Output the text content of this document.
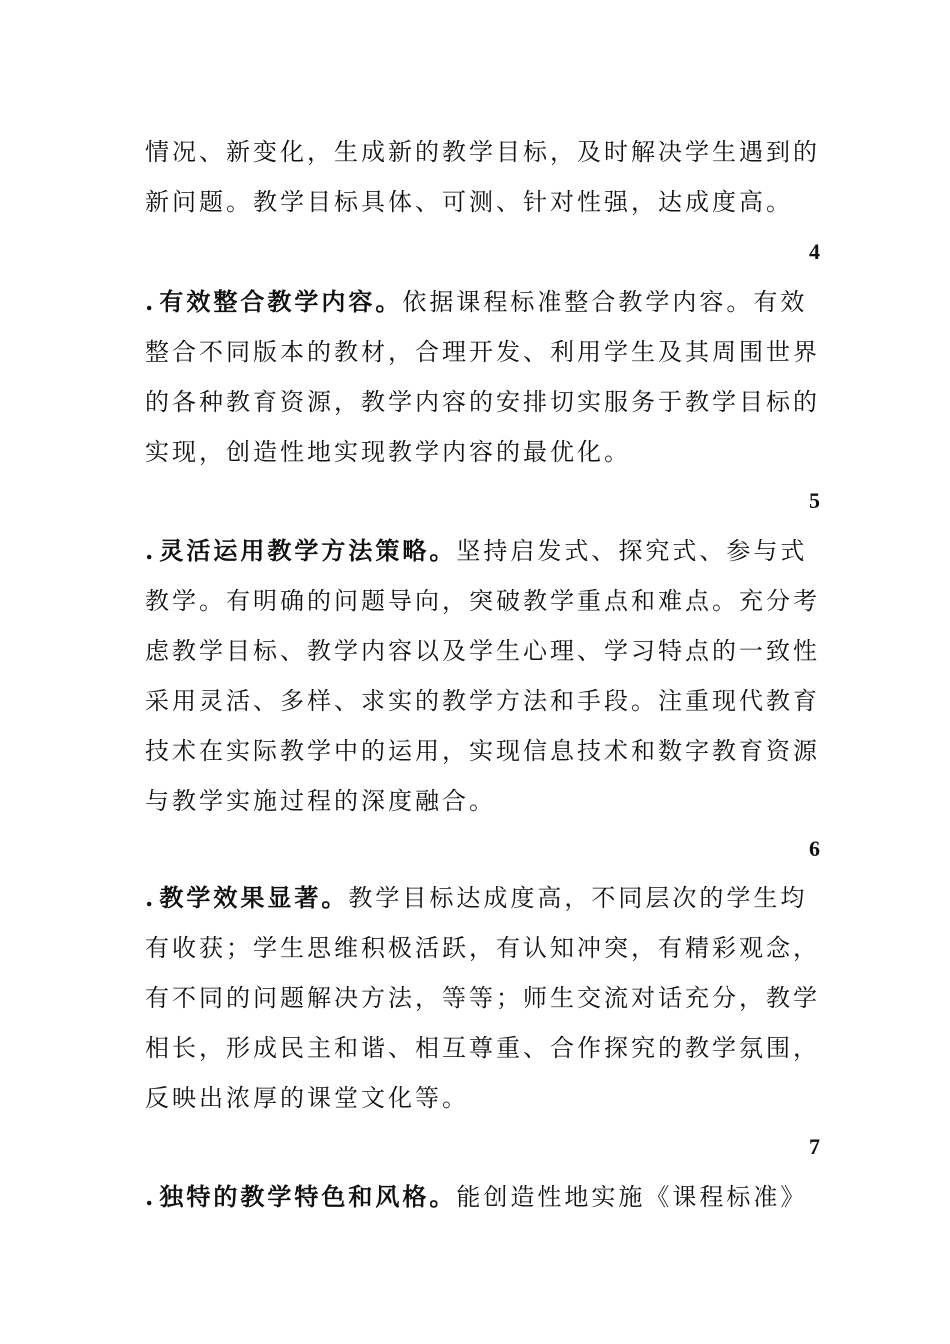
情况、新变化，生成新的教学目标，及时解决学生遇到的
新问题。教学目标具体、可测、针对性强，达成度高。
4
. 有效整合教学内容。依据课程标准整合教学内容。有效
整合不同版本的教材，合理开发、利用学生及其周围世界
的各种教育资源，教学内容的安排切实服务于教学目标的
实现，创造性地实现教学内容的最优化。
5
. 灵活运用教学方法策略。坚持启发式、探究式、参与式
教学。有明确的问题导向，突破教学重点和难点。充分考
虑教学目标、教学内容以及学生心理、学习特点的一致性
采用灵活、多样、求实的教学方法和手段。注重现代教育
技术在实际教学中的运用，实现信息技术和数字教育资源
与教学实施过程的深度融合。
6
. 教学效果显著。教学目标达成度高，不同层次的学生均
有收获；学生思维积极活跃，有认知冲突，有精彩观念，
有不同的问题解决方法，等等；师生交流对话充分，教学
相长，形成民主和谐、相互尊重、合作探究的教学氛围，
反映出浓厚的课堂文化等。
7
. 独特的教学特色和风格。能创造性地实施《课程标准》
